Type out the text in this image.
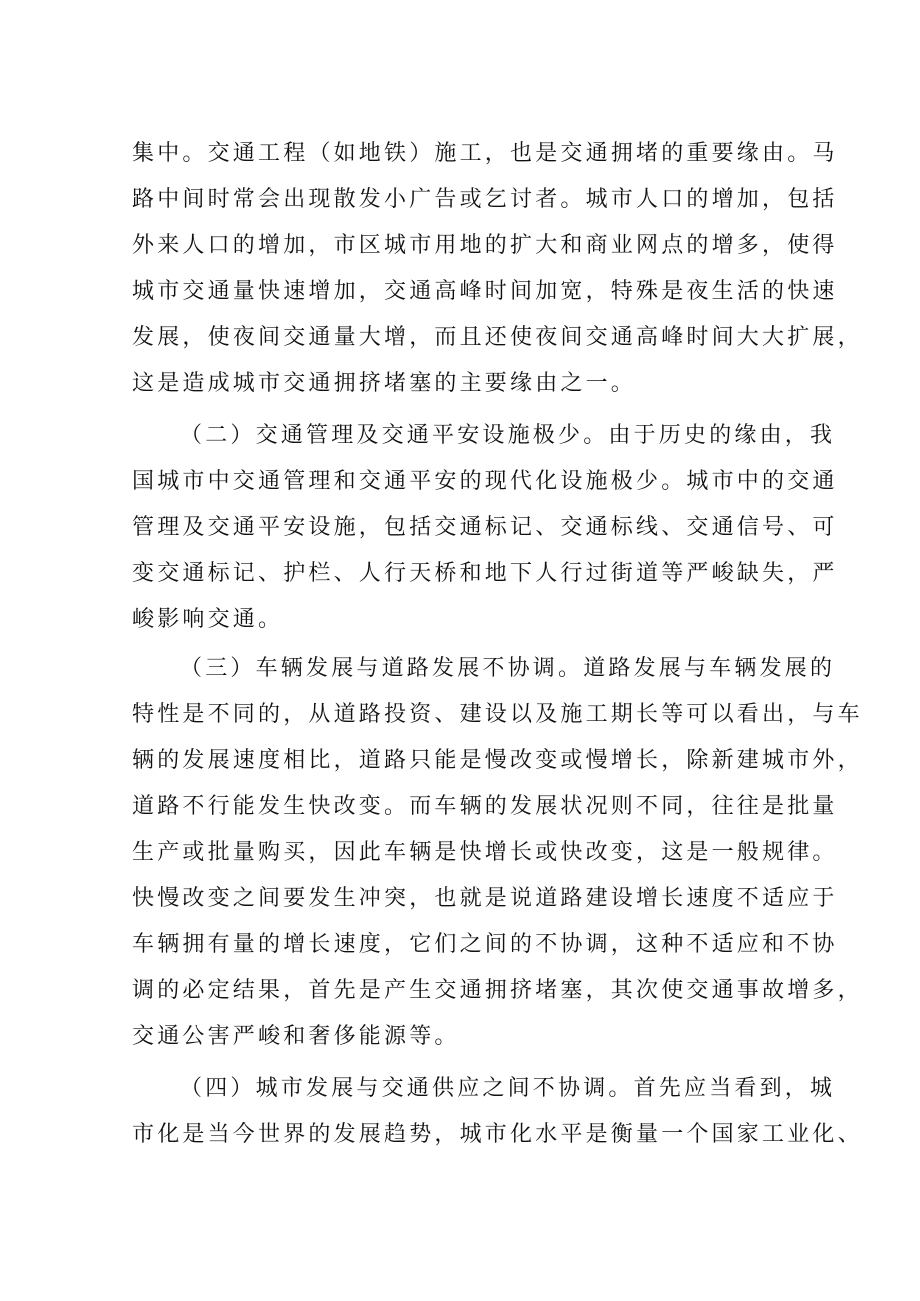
集中。交通工程（如地铁）施工，也是交通拥堵的重要缘由。马
路中间时常会出现散发小广告或乞讨者。城市人口的增加，包括
外来人口的增加，市区城市用地的扩大和商业网点的增多，使得
城市交通量快速增加，交通高峰时间加宽，特殊是夜生活的快速
发展，使夜间交通量大增，而且还使夜间交通高峰时间大大扩展，
这是造成城市交通拥挤堵塞的主要缘由之一。
（二）交通管理及交通平安设施极少。由于历史的缘由，我
国城市中交通管理和交通平安的现代化设施极少。城市中的交通
管理及交通平安设施，包括交通标记、交通标线、交通信号、可
变交通标记、护栏、人行天桥和地下人行过街道等严峻缺失，严
峻影响交通。
（三）车辆发展与道路发展不协调。道路发展与车辆发展的
特性是不同的，从道路投资、建设以及施工期长等可以看出，与车
辆的发展速度相比，道路只能是慢改变或慢增长，除新建城市外，
道路不行能发生快改变。而车辆的发展状况则不同，往往是批量
生产或批量购买，因此车辆是快增长或快改变，这是一般规律。
快慢改变之间要发生冲突，也就是说道路建设增长速度不适应于
车辆拥有量的增长速度，它们之间的不协调，这种不适应和不协
调的必定结果，首先是产生交通拥挤堵塞，其次使交通事故增多，
交通公害严峻和奢侈能源等。
（四）城市发展与交通供应之间不协调。首先应当看到，城
市化是当今世界的发展趋势，城市化水平是衡量一个国家工业化、
